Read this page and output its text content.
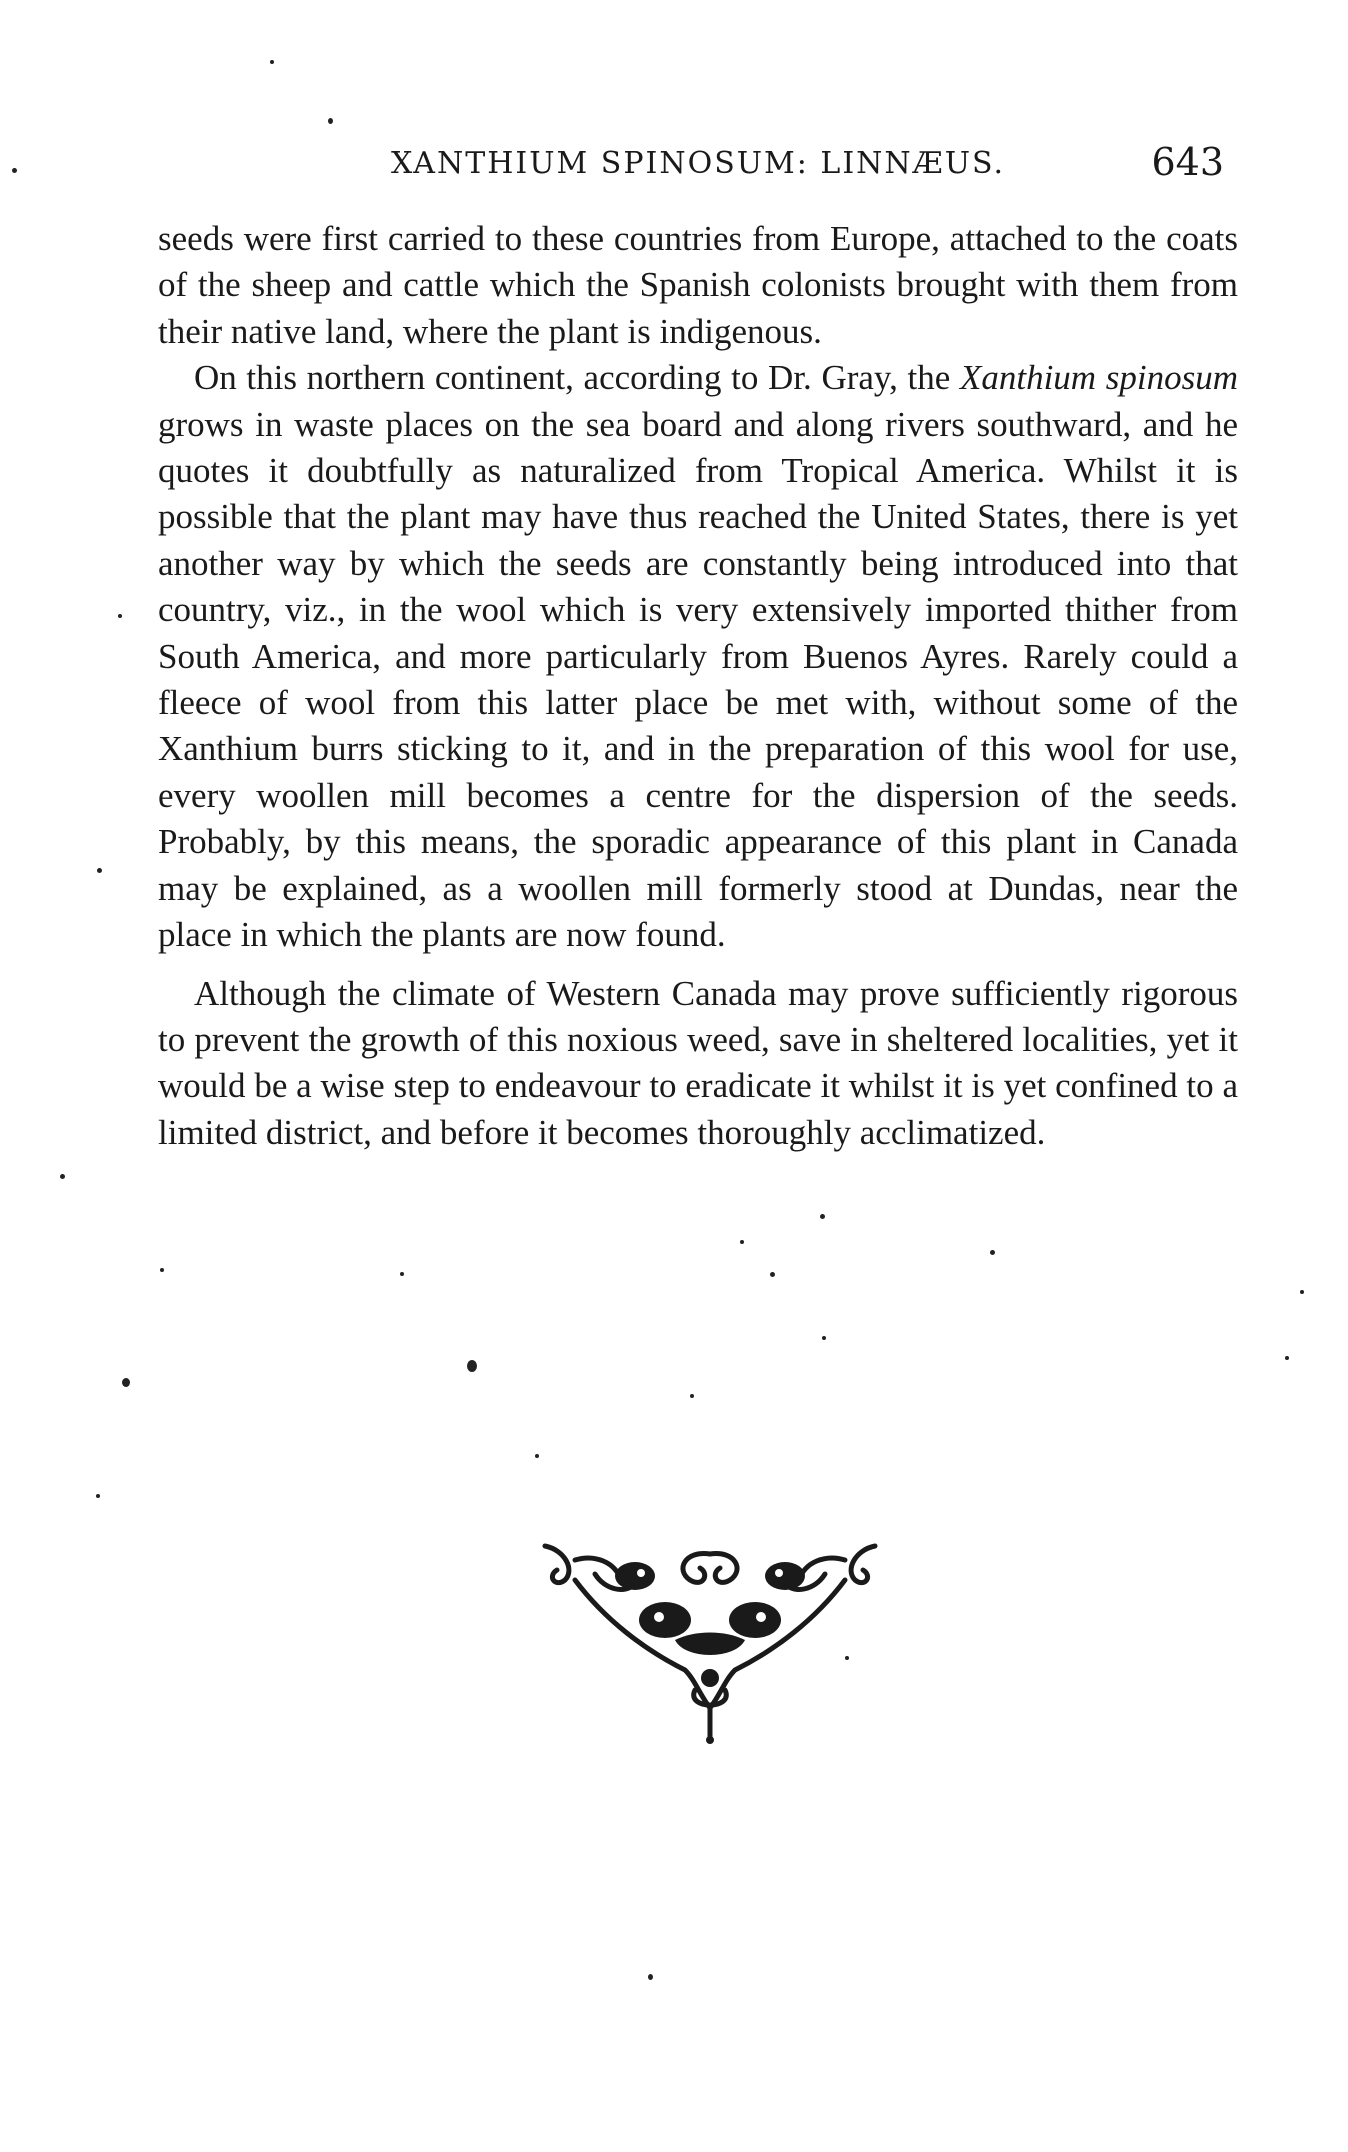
XANTHIUM SPINOSUM: LINNÆUS.	643

seeds were first carried to these countries from Europe, attached to the coats of the sheep and cattle which the Spanish colonists brought with them from their native land, where the plant is indigenous.

On this northern continent, according to Dr. Gray, the Xanthium spinosum grows in waste places on the sea board and along rivers southward, and he quotes it doubtfully as naturalized from Tropical America. Whilst it is possible that the plant may have thus reached the United States, there is yet another way by which the seeds are constantly being introduced into that country, viz., in the wool which is very extensively imported thither from South America, and more particularly from Buenos Ayres. Rarely could a fleece of wool from this latter place be met with, without some of the Xanthium burrs sticking to it, and in the preparation of this wool for use, every woollen mill becomes a centre for the dispersion of the seeds. Probably, by this means, the sporadic appearance of this plant in Canada may be explained, as a woollen mill formerly stood at Dundas, near the place in which the plants are now found.

Although the climate of Western Canada may prove sufficiently rigorous to prevent the growth of this noxious weed, save in sheltered localities, yet it would be a wise step to endeavour to eradicate it whilst it is yet confined to a limited district, and before it becomes thoroughly acclimatized.
